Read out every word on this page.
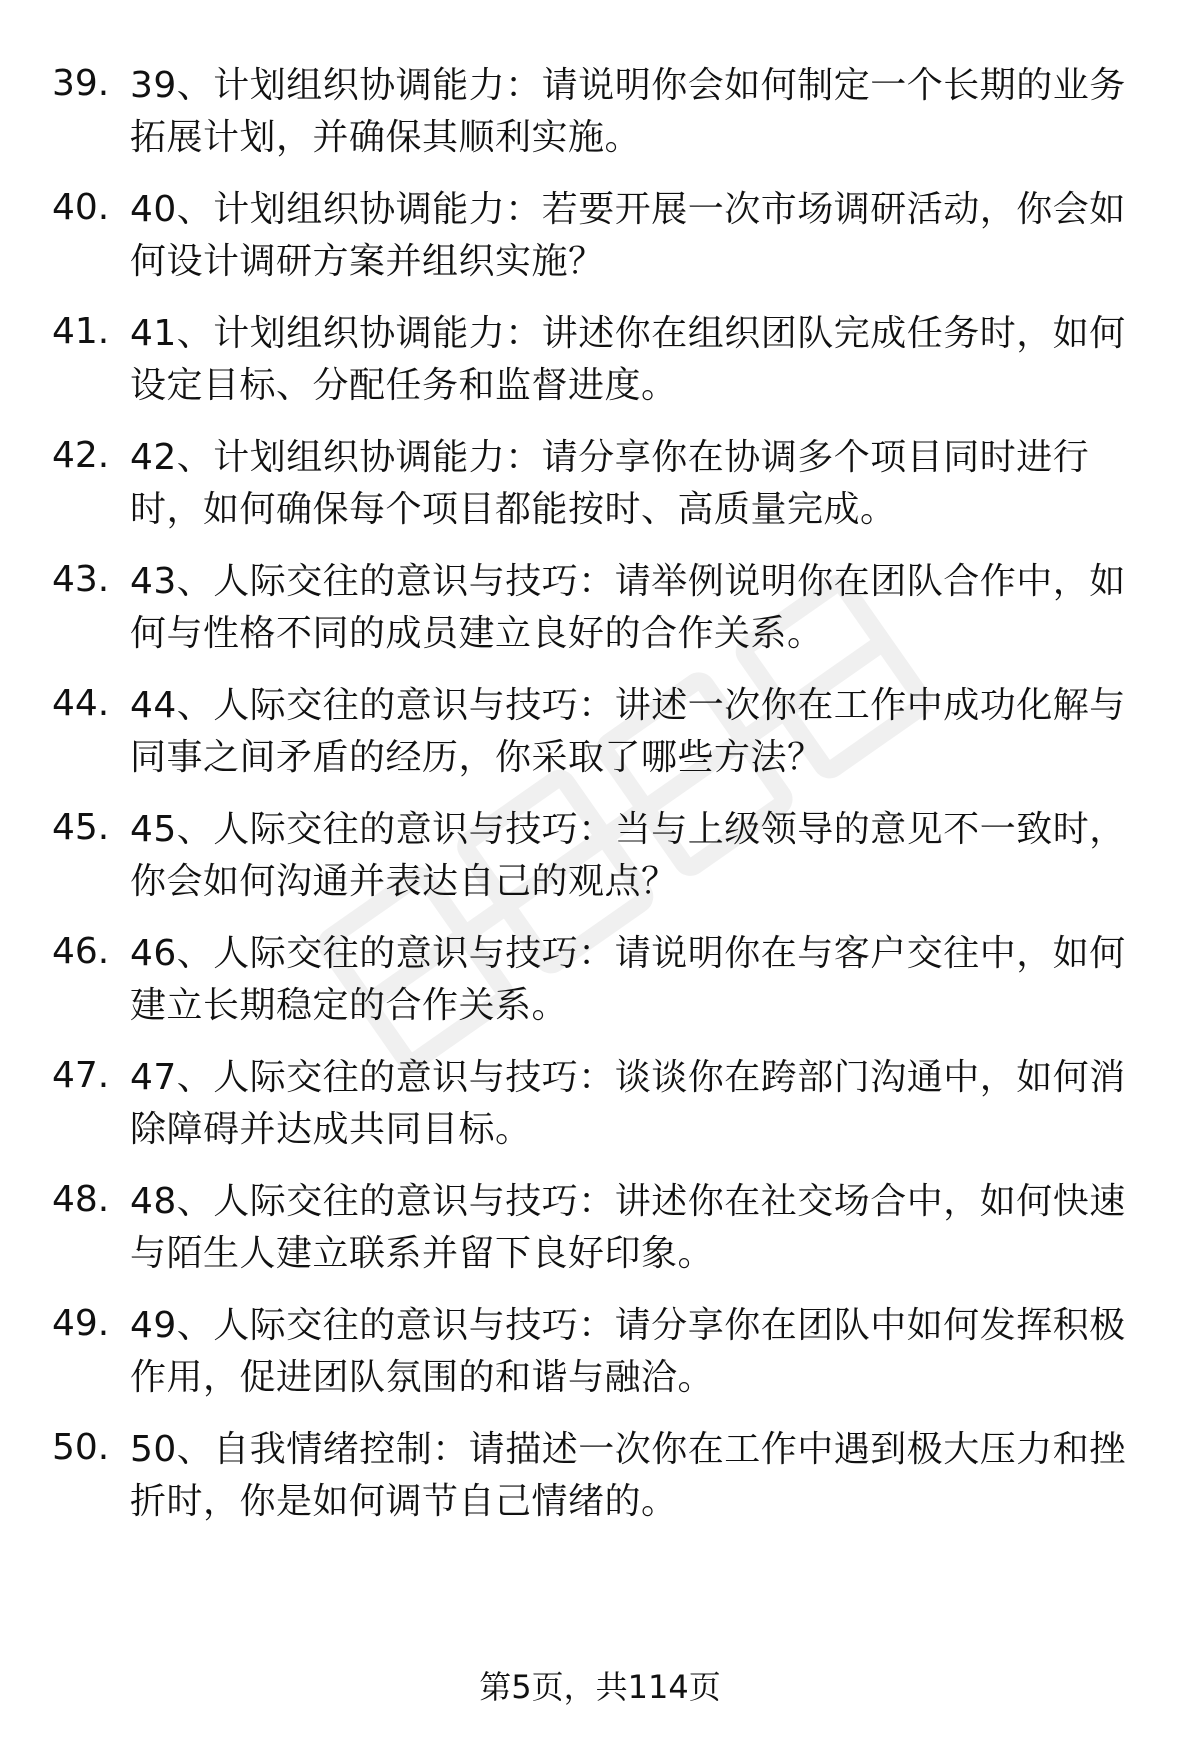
39. 39、计划组织协调能力：请说明你会如何制定一个长期的业务拓展计划，并确保其顺利实施。
40. 40、计划组织协调能力：若要开展一次市场调研活动，你会如何设计调研方案并组织实施？
41. 41、计划组织协调能力：讲述你在组织团队完成任务时，如何设定目标、分配任务和监督进度。
42. 42、计划组织协调能力：请分享你在协调多个项目同时进行时，如何确保每个项目都能按时、高质量完成。
43. 43、人际交往的意识与技巧：请举例说明你在团队合作中，如何与性格不同的成员建立良好的合作关系。
44. 44、人际交往的意识与技巧：讲述一次你在工作中成功化解与同事之间矛盾的经历，你采取了哪些方法？
45. 45、人际交往的意识与技巧：当与上级领导的意见不一致时，你会如何沟通并表达自己的观点？
46. 46、人际交往的意识与技巧：请说明你在与客户交往中，如何建立长期稳定的合作关系。
47. 47、人际交往的意识与技巧：谈谈你在跨部门沟通中，如何消除障碍并达成共同目标。
48. 48、人际交往的意识与技巧：讲述你在社交场合中，如何快速与陌生人建立联系并留下良好印象。
49. 49、人际交往的意识与技巧：请分享你在团队中如何发挥积极作用，促进团队氛围的和谐与融洽。
50. 50、自我情绪控制：请描述一次你在工作中遇到极大压力和挫折时，你是如何调节自己情绪的。
第5页，共114页
